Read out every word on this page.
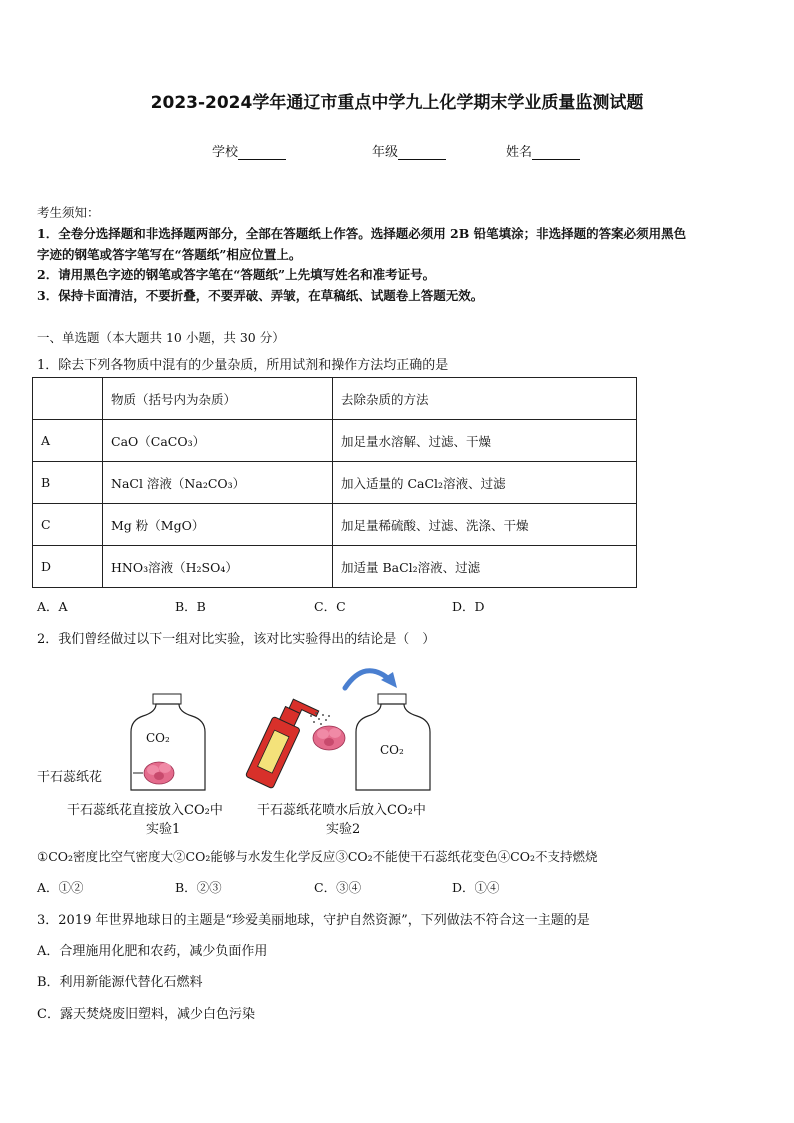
2023-2024学年通辽市重点中学九上化学期末学业质量监测试题
学校	年级	姓名
考生须知：
1．全卷分选择题和非选择题两部分，全部在答题纸上作答。选择题必须用 2B 铅笔填涂；非选择题的答案必须用黑色
字迹的钢笔或答字笔写在“答题纸”相应位置上。
2．请用黑色字迹的钢笔或答字笔在“答题纸”上先填写姓名和准考证号。
3．保持卡面清洁，不要折叠，不要弄破、弄皱，在草稿纸、试题卷上答题无效。
一、单选题（本大题共 10 小题，共 30 分）
1．除去下列各物质中混有的少量杂质，所用试剂和操作方法均正确的是
	物质（括号内为杂质）	去除杂质的方法
A	CaO（CaCO₃）	加足量水溶解、过滤、干燥
B	NaCl 溶液（Na₂CO₃）	加入适量的 CaCl₂溶液、过滤
C	Mg 粉（MgO）	加足量稀硫酸、过滤、洗涤、干燥
D	HNO₃溶液（H₂SO₄）	加适量 BaCl₂溶液、过滤
A．A	B．B	C．C	D．D
2．我们曾经做过以下一组对比实验，该对比实验得出的结论是（　）
CO₂
CO₂
干石蕊纸花
干石蕊纸花直接放入CO₂中
实验1
干石蕊纸花喷水后放入CO₂中
实验2
①CO₂密度比空气密度大②CO₂能够与水发生化学反应③CO₂不能使干石蕊纸花变色④CO₂不支持燃烧
A．①②	B．②③	C．③④	D．①④
3．2019 年世界地球日的主题是“珍爱美丽地球，守护自然资源”，下列做法不符合这一主题的是
A．合理施用化肥和农药，减少负面作用
B．利用新能源代替化石燃料
C．露天焚烧废旧塑料，减少白色污染
